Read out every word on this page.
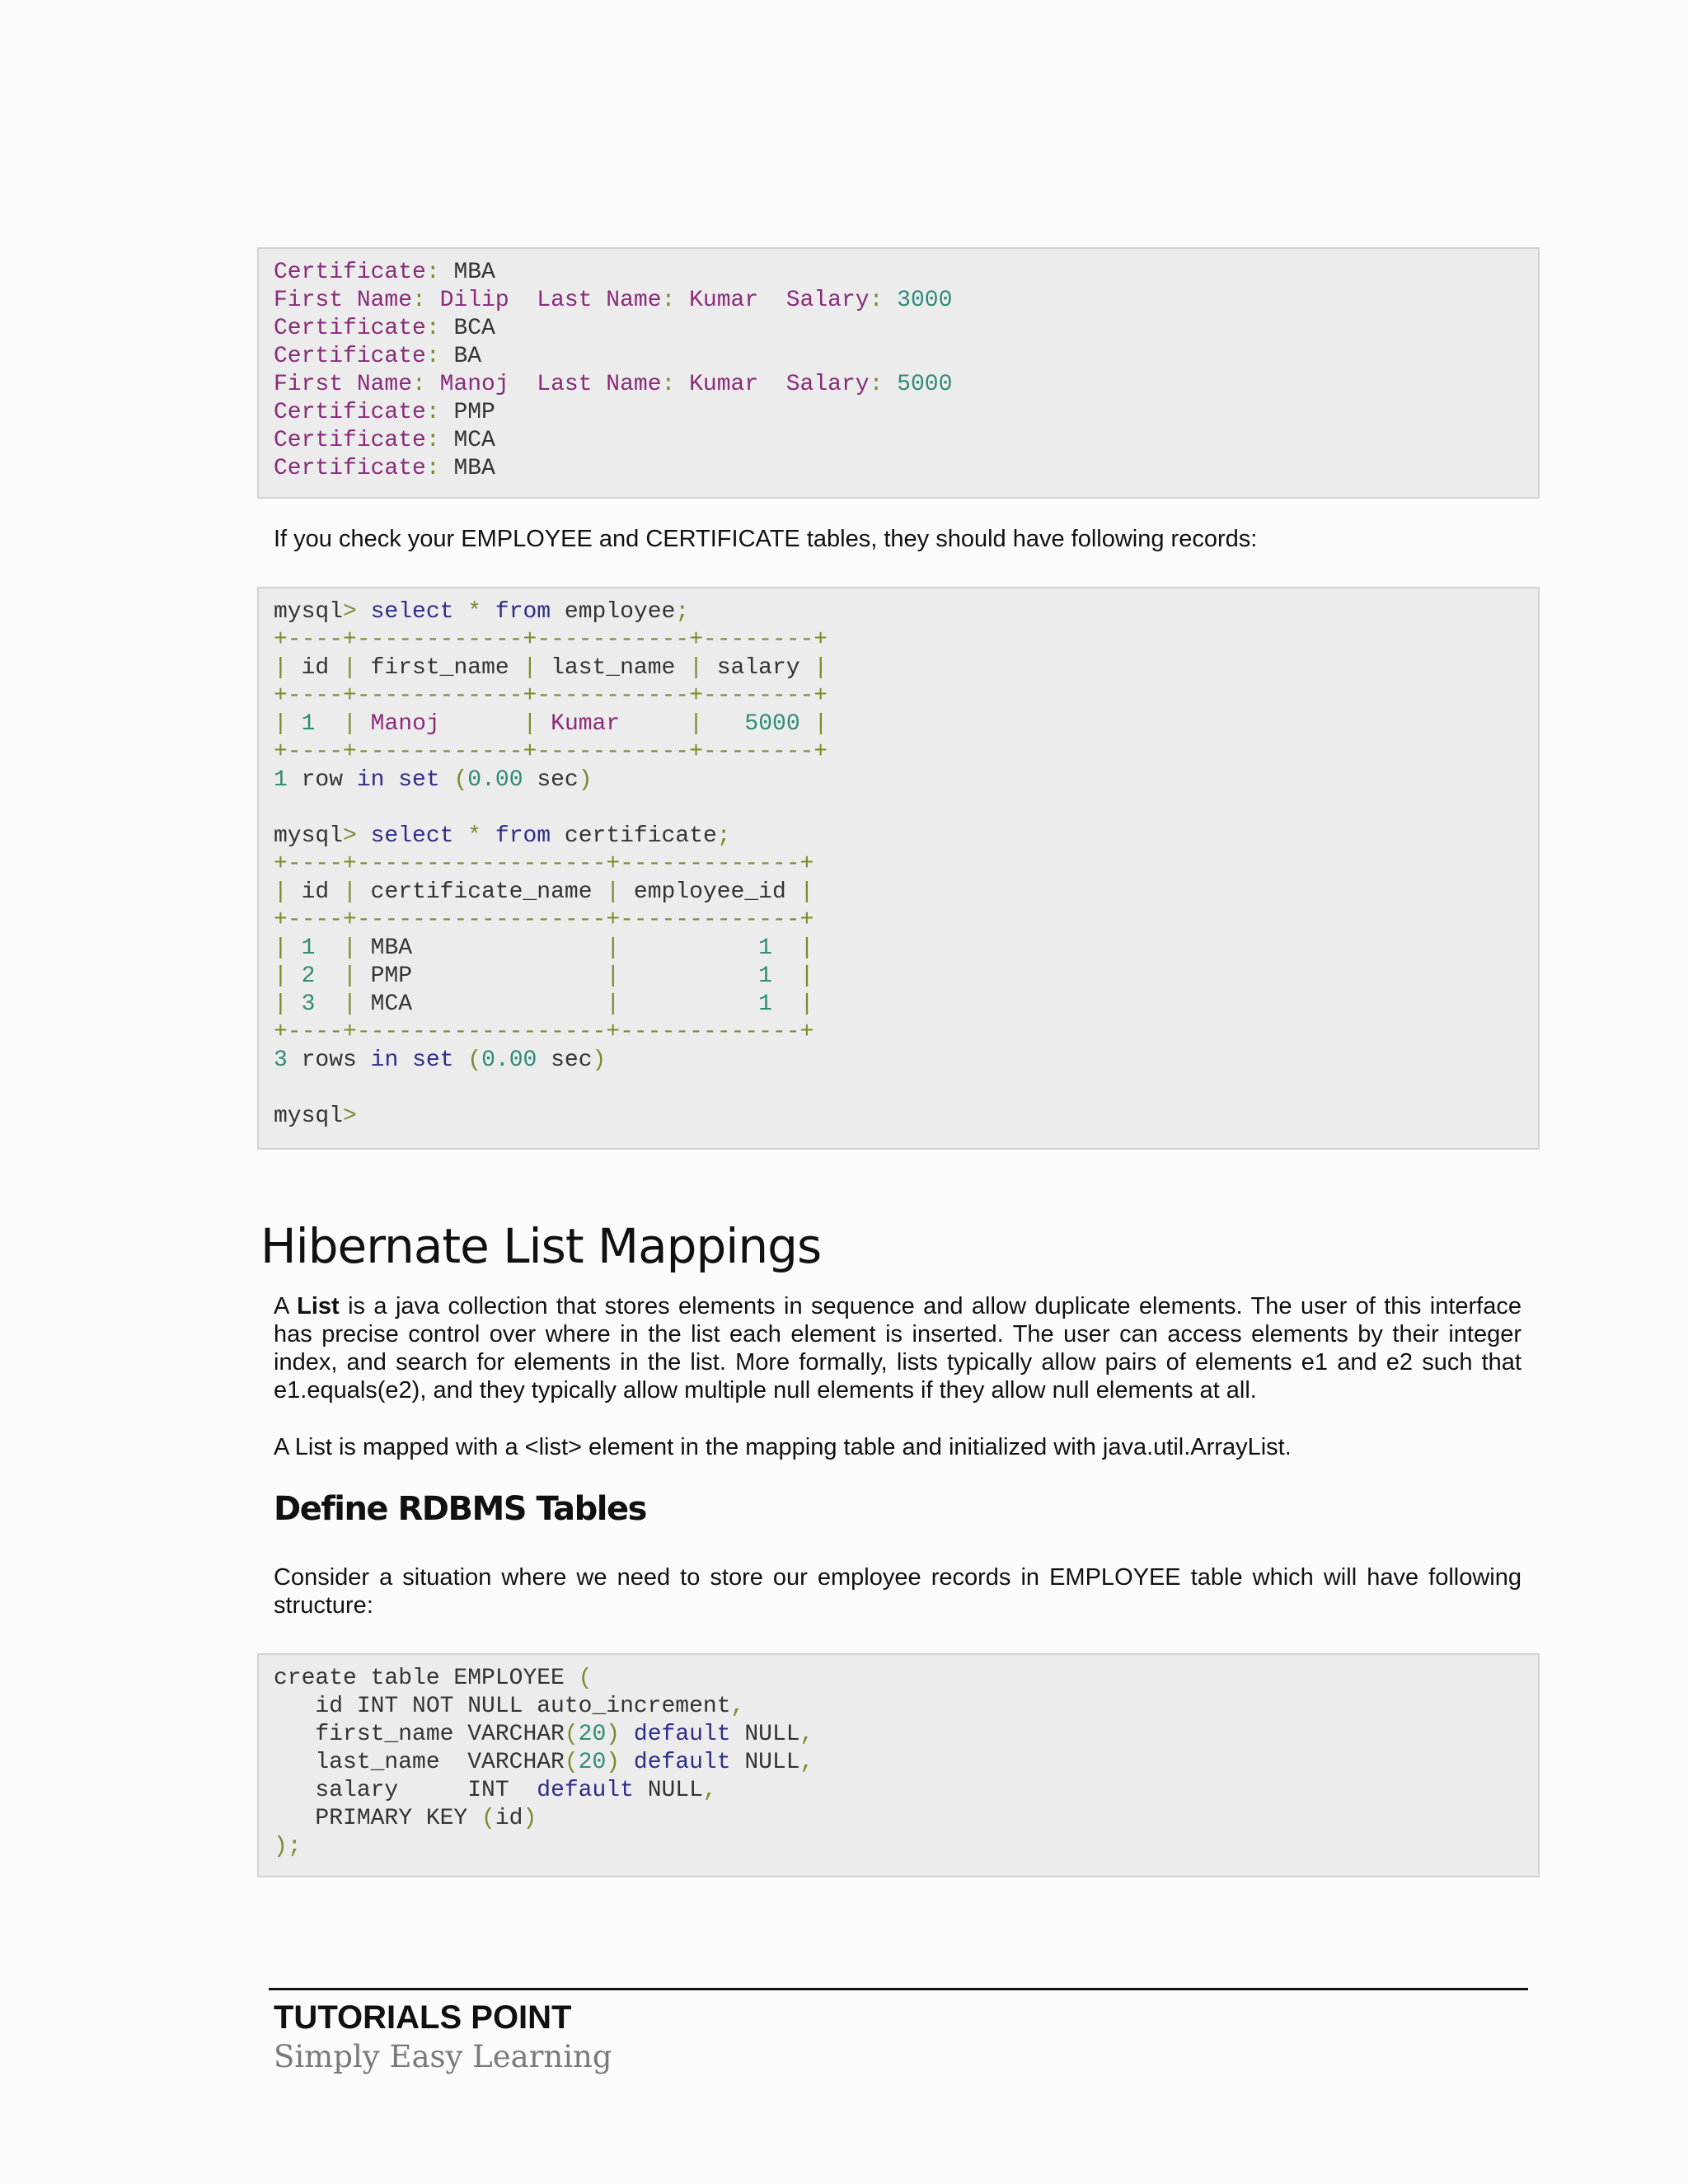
Certificate: MBA
First Name: Dilip Last Name: Kumar Salary: 3000
Certificate: BCA
Certificate: BA
First Name: Manoj Last Name: Kumar Salary: 5000
Certificate: PMP
Certificate: MCA
Certificate: MBA

If you check your EMPLOYEE and CERTIFICATE tables, they should have following records:

mysql> select * from employee;
+----+------------+-----------+--------+
| id | first_name | last_name | salary |
+----+------------+-----------+--------+
| 1 | Manoj	| Kumar	| 5000 |
+----+------------+-----------+--------+
1 row in set (0.00 sec)

mysql> select * from certificate;
+----+------------------+-------------+
| id | certificate_name | employee_id |
+----+------------------+-------------+
| 1 | MBA              |	1 |
| 2 | PMP              |	1 |
| 3 | MCA              |	1 |
+----+------------------+-------------+
3 rows in set (0.00 sec)

mysql>
Hibernate List Mappings

A List is a java collection that stores elements in sequence and allow duplicate elements. The user of this interface has precise control over where in the list each element is inserted. The user can access elements by their integer index, and search for elements in the list. More formally, lists typically allow pairs of elements e1 and e2 such that e1.equals(e2), and they typically allow multiple null elements if they allow null elements at all.

A List is mapped with a <list> element in the mapping table and initialized with java.util.ArrayList.

Define RDBMS Tables

Consider a situation where we need to store our employee records in EMPLOYEE table which will have following structure:

create table EMPLOYEE (
id INT NOT NULL auto_increment,
first_name VARCHAR(20) default NULL,
last_name  VARCHAR(20) default NULL,
salary     INT  default NULL,
PRIMARY KEY (id)
);
TUTORIALS POINT
Simply Easy Learning
